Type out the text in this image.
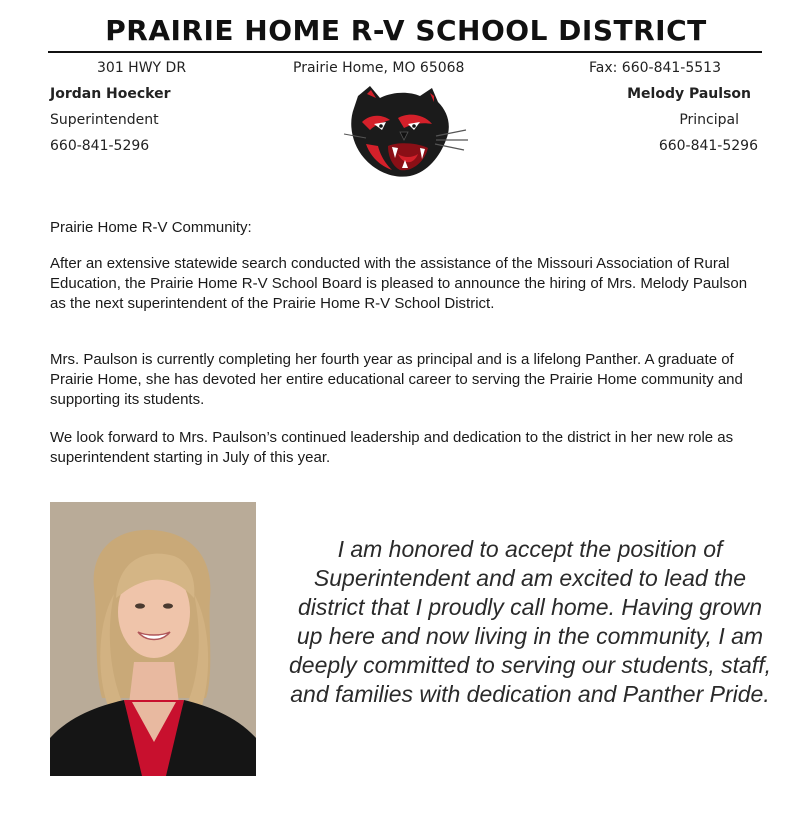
PRAIRIE HOME R-V SCHOOL DISTRICT
301 HWY DR	Prairie Home, MO 65068	Fax: 660-841-5513
Jordan Hoecker
Superintendent
660-841-5296
Melody Paulson
Principal
660-841-5296

Prairie Home R-V Community:

After an extensive statewide search conducted with the assistance of the Missouri Association of Rural Education, the Prairie Home R-V School Board is pleased to announce the hiring of Mrs. Melody Paulson as the next superintendent of the Prairie Home R-V School District.

Mrs. Paulson is currently completing her fourth year as principal and is a lifelong Panther. A graduate of Prairie Home, she has devoted her entire educational career to serving the Prairie Home community and supporting its students.

We look forward to Mrs. Paulson’s continued leadership and dedication to the district in her new role as superintendent starting in July of this year.

I am honored to accept the position of Superintendent and am excited to lead the district that I proudly call home. Having grown up here and now living in the community, I am deeply committed to serving our students, staff, and families with dedication and Panther Pride.
